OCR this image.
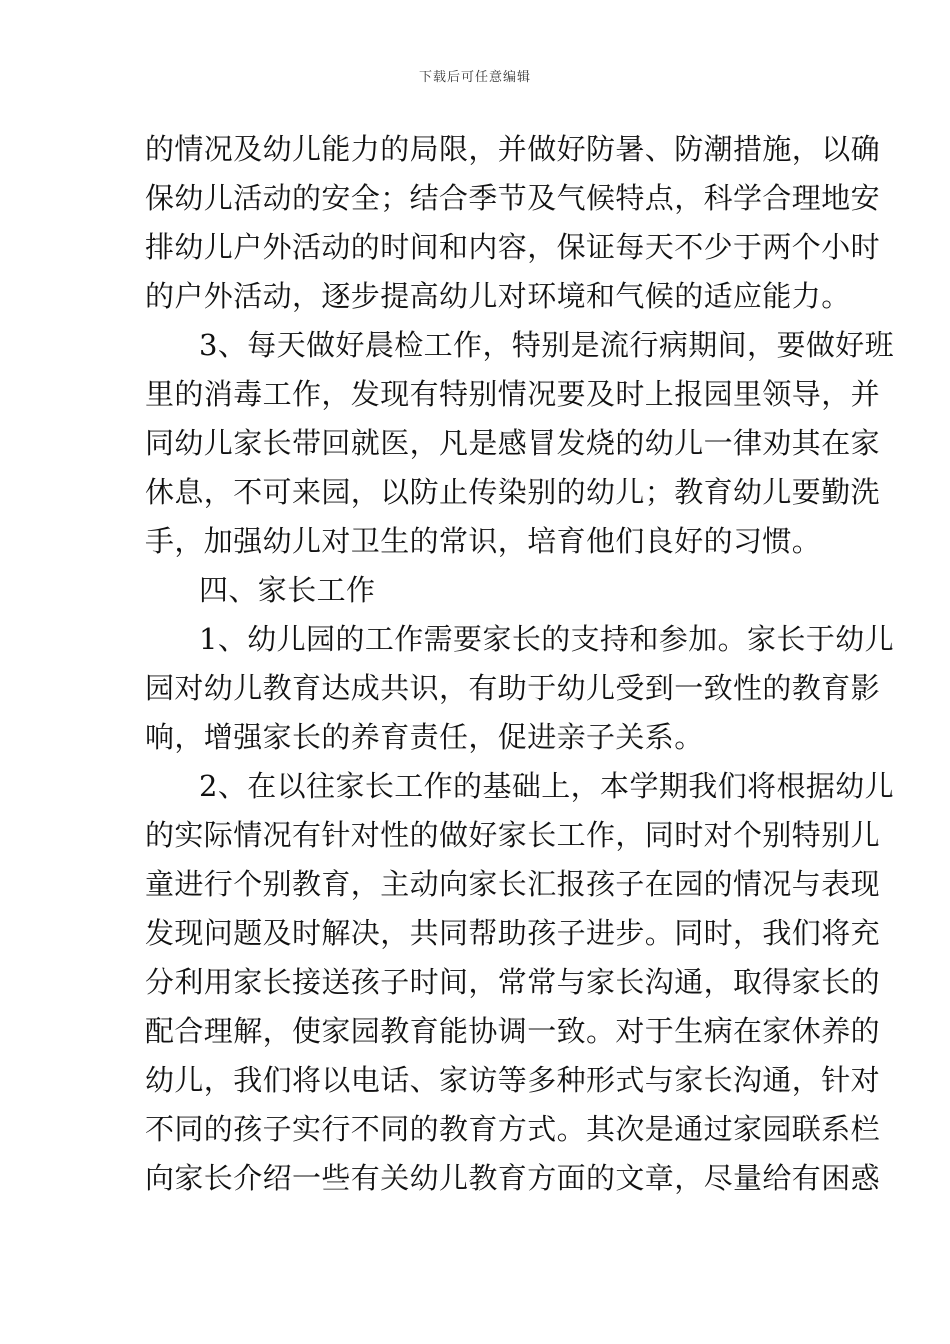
下载后可任意编辑
的情况及幼儿能力的局限，并做好防暑、防潮措施，以确
保幼儿活动的安全；结合季节及气候特点，科学合理地安
排幼儿户外活动的时间和内容，保证每天不少于两个小时
的户外活动，逐步提高幼儿对环境和气候的适应能力。
3、每天做好晨检工作，特别是流行病期间，要做好班
里的消毒工作，发现有特别情况要及时上报园里领导，并
同幼儿家长带回就医，凡是感冒发烧的幼儿一律劝其在家
休息，不可来园，以防止传染别的幼儿；教育幼儿要勤洗
手，加强幼儿对卫生的常识，培育他们良好的习惯。
四、家长工作
1、幼儿园的工作需要家长的支持和参加。家长于幼儿
园对幼儿教育达成共识，有助于幼儿受到一致性的教育影
响，增强家长的养育责任，促进亲子关系。
2、在以往家长工作的基础上，本学期我们将根据幼儿
的实际情况有针对性的做好家长工作，同时对个别特别儿
童进行个别教育，主动向家长汇报孩子在园的情况与表现
发现问题及时解决，共同帮助孩子进步。同时，我们将充
分利用家长接送孩子时间，常常与家长沟通，取得家长的
配合理解，使家园教育能协调一致。对于生病在家休养的
幼儿，我们将以电话、家访等多种形式与家长沟通，针对
不同的孩子实行不同的教育方式。其次是通过家园联系栏
向家长介绍一些有关幼儿教育方面的文章，尽量给有困惑
